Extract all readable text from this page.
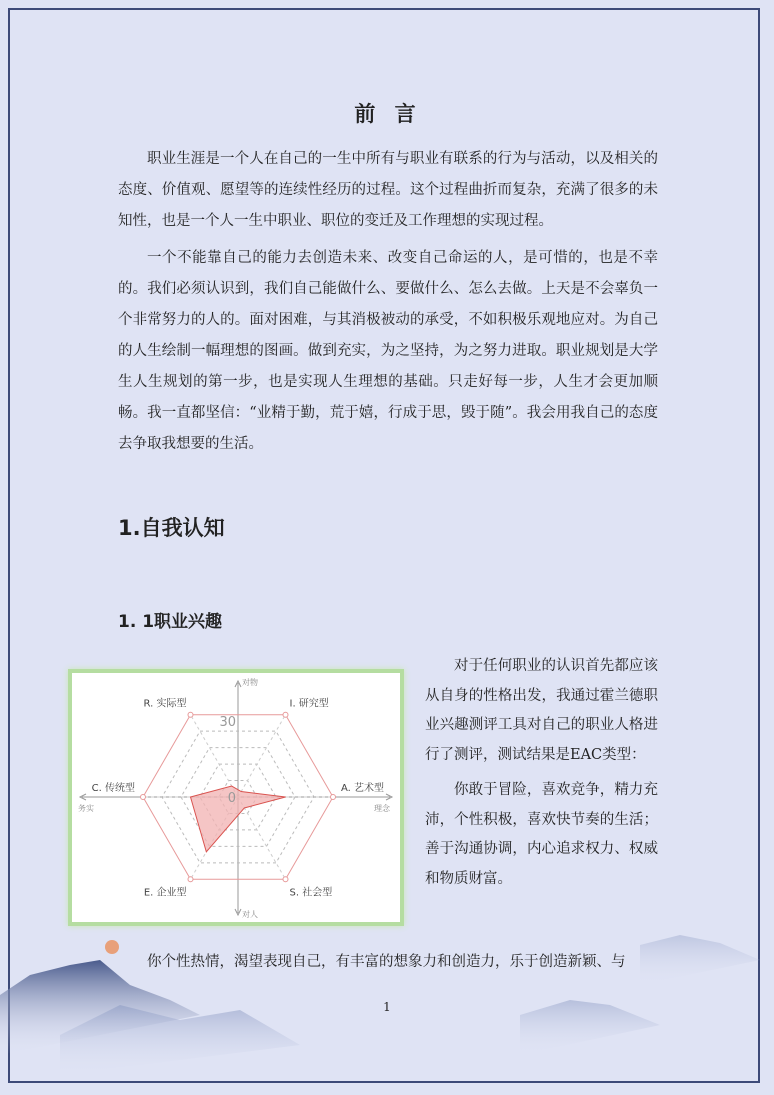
前 言

职业生涯是一个人在自己的一生中所有与职业有联系的行为与活动，以及相关的态度、价值观、愿望等的连续性经历的过程。这个过程曲折而复杂，充满了很多的未知性，也是一个人一生中职业、职位的变迁及工作理想的实现过程。

一个不能靠自己的能力去创造未来、改变自己命运的人，是可惜的，也是不幸的。我们必须认识到，我们自己能做什么、要做什么、怎么去做。上天是不会辜负一个非常努力的人的。面对困难，与其消极被动的承受，不如积极乐观地应对。为自己的人生绘制一幅理想的图画。做到充实，为之坚持，为之努力进取。职业规划是大学生人生规划的第一步，也是实现人生理想的基础。只走好每一步，人生才会更加顺畅。我一直都坚信：“业精于勤，荒于嬉，行成于思，毁于随”。我会用我自己的态度去争取我想要的生活。

1.自我认知
1. 1职业兴趣
R. 实际型	I. 研究型
A. 艺术型
S. 社会型
E. 企业型
C. 传统型
0
30
对物
对人
务实	理念

对于任何职业的认识首先都应该从自身的性格出发，我通过霍兰德职业兴趣测评工具对自己的职业人格进行了测评，测试结果是EAC类型：

你敢于冒险，喜欢竞争，精力充沛，个性积极，喜欢快节奏的生活；善于沟通协调，内心追求权力、权威和物质财富。

你个性热情，渴望表现自己，有丰富的想象力和创造力，乐于创造新颖、与

1
